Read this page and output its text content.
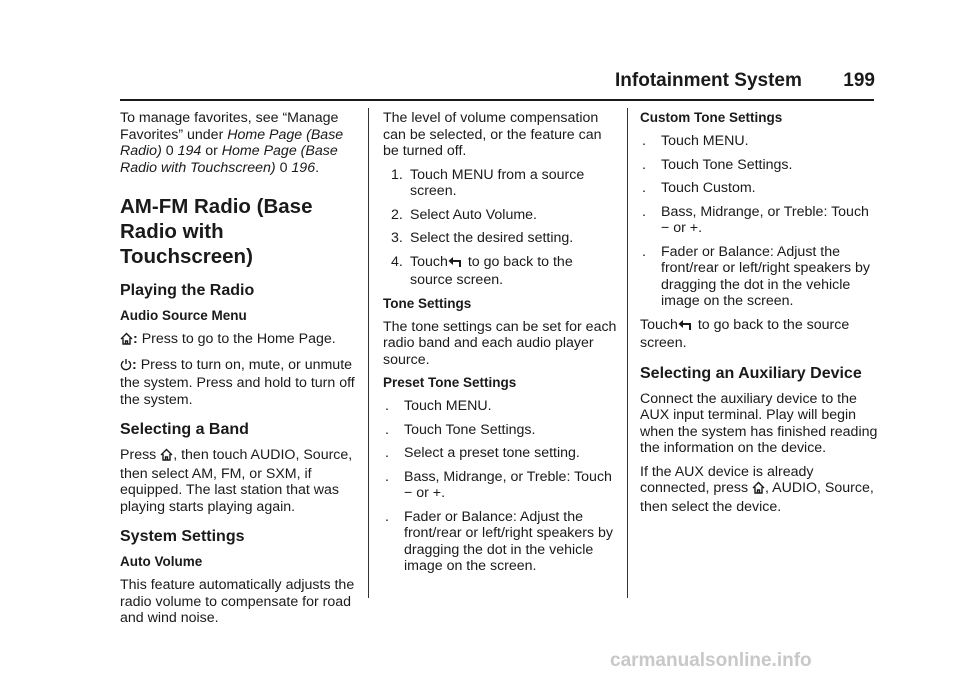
Infotainment System 199

To manage favorites, see “Manage Favorites” under Home Page (Base Radio) 0 194 or Home Page (Base Radio with Touchscreen) 0 196.

AM-FM Radio (Base Radio with Touchscreen)
Playing the Radio
Audio Source Menu

: Press to go to the Home Page.

: Press to turn on, mute, or unmute the system. Press and hold to turn off the system.

Selecting a Band

Press , then touch AUDIO, Source, then select AM, FM, or SXM, if equipped. The last station that was playing starts playing again.

System Settings
Auto Volume

This feature automatically adjusts the radio volume to compensate for road and wind noise.

The level of volume compensation can be selected, or the feature can be turned off.

1. Touch MENU from a source screen.
2. Select Auto Volume.
3. Select the desired setting.
4. Touch to go back to the source screen.
Tone Settings

The tone settings can be set for each radio band and each audio player source.

Preset Tone Settings
. Touch MENU.
. Touch Tone Settings.
. Select a preset tone setting.
. Bass, Midrange, or Treble: Touch − or +.
. Fader or Balance: Adjust the front/rear or left/right speakers by dragging the dot in the vehicle image on the screen.
Custom Tone Settings
. Touch MENU.
. Touch Tone Settings.
. Touch Custom.
. Bass, Midrange, or Treble: Touch − or +.
. Fader or Balance: Adjust the front/rear or left/right speakers by dragging the dot in the vehicle image on the screen.

Touch to go back to the source screen.

Selecting an Auxiliary Device

Connect the auxiliary device to the AUX input terminal. Play will begin when the system has finished reading the information on the device.

If the AUX device is already connected, press , AUDIO, Source, then select the device.

carmanualsonline.info
